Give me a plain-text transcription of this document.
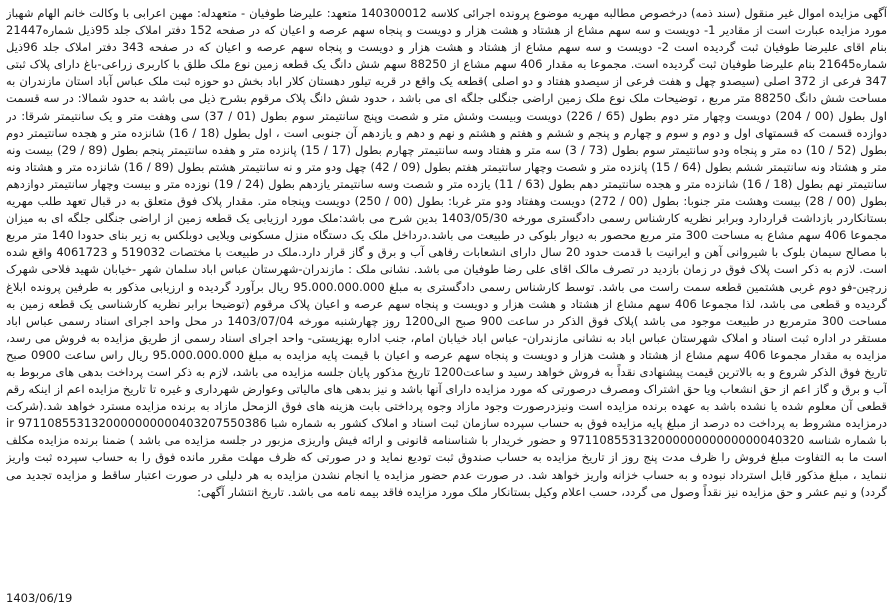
آگهی مزایده اموال غیر منقول (سند ذمه) درخصوص مطالبه مهریه موضوع پرونده اجرائی کلاسه 140300012 متعهد: علیرضا طوفیان - متعهدله: مهین اعرابی با وکالت خانم الهام شهباز مورد مزایده عبارت است از مقادیر 1- دویست و سه سهم مشاع از هشتاد و هشت هزار و دویست و پنجاه سهم عرصه و اعیان که در صفحه 152 دفتر املاک جلد 95ذیل شماره21447 بنام اقای علیرضا طوفیان ثبت گردیده است 2- دویست و سه سهم مشاع از هشتاد و هشت هزار و دویست و پنجاه سهم عرصه و اعیان که در صفحه 343 دفتر املاک جلد 96ذیل شماره21645 بنام علیرضا طوفیان ثبت گردیده است. مجموعا به مقدار 406 سهم مشاع از 88250 سهم شش دانگ یک قطعه زمین نوع ملک طلق با کاربری زراعی-باغ دارای پلاک ثبتی 347 فرعی از 372 اصلی (سیصدو چهل و هفت فرعی از سیصدو هفتاد و دو اصلی )قطعه یک واقع در قریه تیلور دهستان کلار اباد بخش دو حوزه ثبت ملک عباس آباد استان مازندران به مساحت شش دانگ 88250 متر مربع ، توضیحات ملک نوع ملک زمین اراضی جنگلی جلگه ای می باشد ، حدود شش دانگ پلاک مرقوم بشرح ذیل می باشد به حدود شمالا: در سه قسمت اول بطول (00 / 204) دویست وچهار متر دوم بطول (65 / 226) دویست وبیست وشش متر و شصت وپنج سانتیمتر سوم بطول (01 / 37) سی وهفت متر و یک سانتیمتر شرقا: در دوازده قسمت که قسمتهای اول و دوم و سوم و چهارم و پنجم و ششم و هفتم و هشتم و نهم و دهم و یازدهم آن جنوبی است ، اول بطول (18 / 16) شانزده متر و هجده سانتیمتر دوم بطول (52 / 10) ده متر و پنجاه ودو سانتیمتر سوم بطول (73 / 3) سه متر و هفتاد وسه سانتیمتر چهارم بطول (17 / 15) پانزده متر و هفده سانتیمتر پنجم بطول (89 / 29) بیست ونه متر و هشتاد ونه سانتیمتر ششم بطول (64 / 15) پانزده متر و شصت وچهار سانتیمتر هفتم بطول (09 / 42) چهل ودو متر و نه سانتیمتر هشتم بطول (89 / 16) شانزده متر و هشتاد ونه سانتیمتر نهم بطول (18 / 16) شانزده متر و هجده سانتیمتر دهم بطول (63 / 11) یازده متر و شصت وسه سانتیمتر یازدهم بطول (24 / 19) نوزده متر و بیست وچهار سانتیمتر دوازدهم بطول (00 / 28) بیست وهشت متر جنوبا: بطول (00 / 272) دویست وهفتاد ودو متر غربا: بطول (00 / 250) دویست وپنجاه متر. مقدار پلاک فوق متعلق به در قبال تعهد طلب مهریه بستانکاردر بازداشت قراردارد وبرابر نظریه کارشناس رسمی دادگستری مورخه 1403/05/30 بدین شرح می باشد:ملک مورد ارزیابی یک قطعه زمین از اراضی جنگلی جلگه ای به میزان مجموعا 406 سهم مشاع به مساحت 300 متر مربع محصور به دیوار بلوکی در طبیعت می باشد.درداخل ملک یک دستگاه منزل مسکونی ویلایی دوبلکس به زیر بنای حدودا 140 متر مربع با مصالح سیمان بلوک با شیروانی آهن و ایرانیت با قدمت حدود 20 سال دارای انشعابات رفاهی آب و برق و گاز قرار دارد.ملک در طبیعت با مختصات 519032 و 4061723 واقع شده است. لازم به ذکر است پلاک فوق در زمان بازدید در تصرف مالک اقای علی رضا طوفیان می باشد. نشانی ملک : مازندران-شهرستان عباس اباد سلمان شهر -خیابان شهید فلاحی شهرک زرچین-فو دوم غربی هشتمین قطعه سمت راست می باشد. توسط کارشناس رسمی دادگستری به مبلغ 95.000.000.000 ریال برآورد گردیده و ارزیابی مذکور به طرفین پرونده ابلاغ گردیده و قطعی می باشد، لذا مجموعا 406 سهم مشاع از هشتاد و هشت هزار و دویست و پنجاه سهم عرصه و اعیان پلاک مرقوم (توضیحا برابر نظریه کارشناسی یک قطعه زمین به مساحت 300 مترمربع در طبیعت موجود می باشد )پلاک فوق الذکر در ساعت 900 صبح الی1200 روز چهارشنبه مورخه 1403/07/04 در محل واحد اجرای اسناد رسمی عباس اباد مستقر در اداره ثبت اسناد و املاک شهرستان عباس اباد به نشانی مازندران- عباس اباد خیابان امام، جنب اداره بهزیستی- واحد اجرای اسناد رسمی از طریق مزایده به فروش می رسد، مزایده به مقدار مجموعا 406 سهم مشاع از هشتاد و هشت هزار و دویست و پنجاه سهم عرصه و اعیان با قیمت پایه مزایده به مبلغ 95.000.000.000 ریال راس ساعت 0900 صبح تاریخ فوق الذکر شروع و به بالاترین قیمت پیشنهادی نقداً به فروش خواهد رسید و ساعت1200 تاریخ مذکور پایان جلسه مزایده می باشد، لازم به ذکر است پرداخت بدهی های مربوط به آب و برق و گاز اعم از حق انشعاب ویا حق اشتراک ومصرف درصورتی که مورد مزایده دارای آنها باشد و نیز بدهی های مالیاتی وعوارض شهرداری و غیره تا تاریخ مزایده اعم از اینکه رقم قطعی آن معلوم شده یا نشده باشد به عهده برنده مزایده است ونیزدرصورت وجود مازاد وجوه پرداختی بابت هزینه های فوق الزمحل مازاد به برنده مزایده مسترد خواهد شد.(شرکت درمزایده مشروط به پرداخت ده درصد از مبلغ پایه مزایده فوق به حساب سپرده سازمان ثبت اسناد و املاک کشور به شماره شبا 9711085531320000000000403207550386 ir با شماره شناسه 97110855313200000000000000040320 و حضور خریدار با شناسنامه قانونی و ارائه فیش واریزی مزبور در جلسه مزایده می باشد ) ضمنا برنده مزایده مکلف است ما به التفاوت مبلغ فروش را ظرف مدت پنج روز از تاریخ مزایده به حساب صندوق ثبت تودیع نماید و در صورتی که ظرف مهلت مقرر مانده فوق را به حساب سپرده ثبت واریز ننماید ، مبلغ مذکور قابل استرداد نبوده و به حساب خزانه واریز خواهد شد. در صورت عدم حضور مزایده یا انجام نشدن مزایده به هر دلیلی در صورت اعتبار ساقط و مزایده تجدید می گردد) و نیم عشر و حق مزایده نیز نقداً وصول می گردد، حسب اعلام وکیل بستانکار ملک مورد مزایده فاقد بیمه نامه می باشد. تاریخ انتشار آگهی:

1403/06/19
